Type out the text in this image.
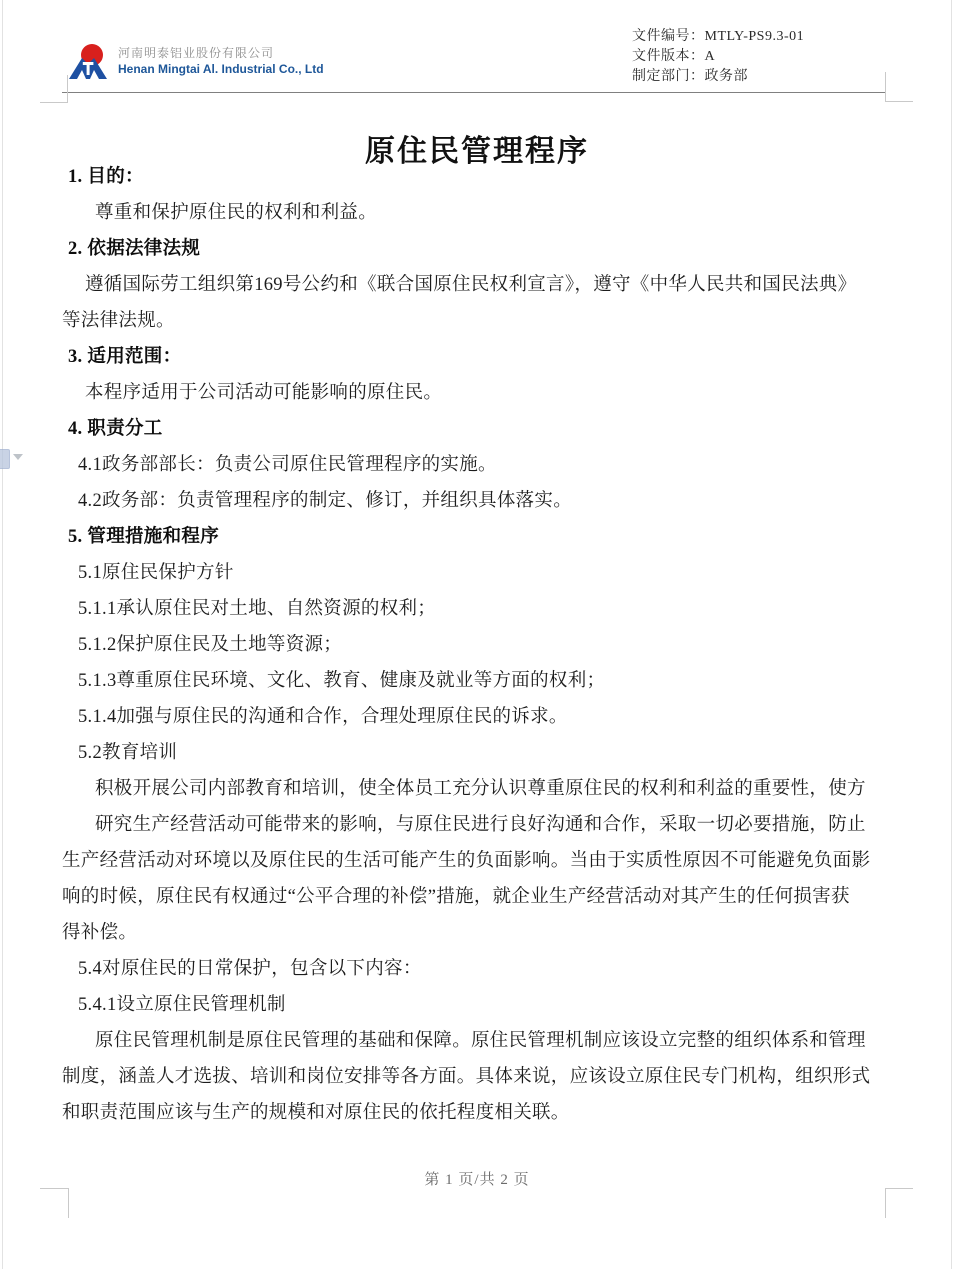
河南明泰铝业股份有限公司
Henan Mingtai Al. Industrial Co., Ltd
文件编号：MTLY-PS9.3-01
文件版本：A
制定部门：政务部
原住民管理程序
1. 目的：
尊重和保护原住民的权利和利益。
2. 依据法律法规
遵循国际劳工组织第169号公约和《联合国原住民权利宣言》，遵守《中华人民共和国民法典》
等法律法规。
3. 适用范围：
本程序适用于公司活动可能影响的原住民。
4. 职责分工
4.1政务部部长：负责公司原住民管理程序的实施。
4.2政务部：负责管理程序的制定、修订，并组织具体落实。
5. 管理措施和程序
5.1原住民保护方针
5.1.1承认原住民对土地、自然资源的权利；
5.1.2保护原住民及土地等资源；
5.1.3尊重原住民环境、文化、教育、健康及就业等方面的权利；
5.1.4加强与原住民的沟通和合作，合理处理原住民的诉求。
5.2教育培训
积极开展公司内部教育和培训，使全体员工充分认识尊重原住民的权利和利益的重要性，使方
研究生产经营活动可能带来的影响，与原住民进行良好沟通和合作，采取一切必要措施，防止
生产经营活动对环境以及原住民的生活可能产生的负面影响。当由于实质性原因不可能避免负面影
响的时候，原住民有权通过“公平合理的补偿”措施，就企业生产经营活动对其产生的任何损害获
得补偿。
5.4对原住民的日常保护，包含以下内容：
5.4.1设立原住民管理机制
原住民管理机制是原住民管理的基础和保障。原住民管理机制应该设立完整的组织体系和管理
制度，涵盖人才选拔、培训和岗位安排等各方面。具体来说，应该设立原住民专门机构，组织形式
和职责范围应该与生产的规模和对原住民的依托程度相关联。
第 1 页/共 2 页
